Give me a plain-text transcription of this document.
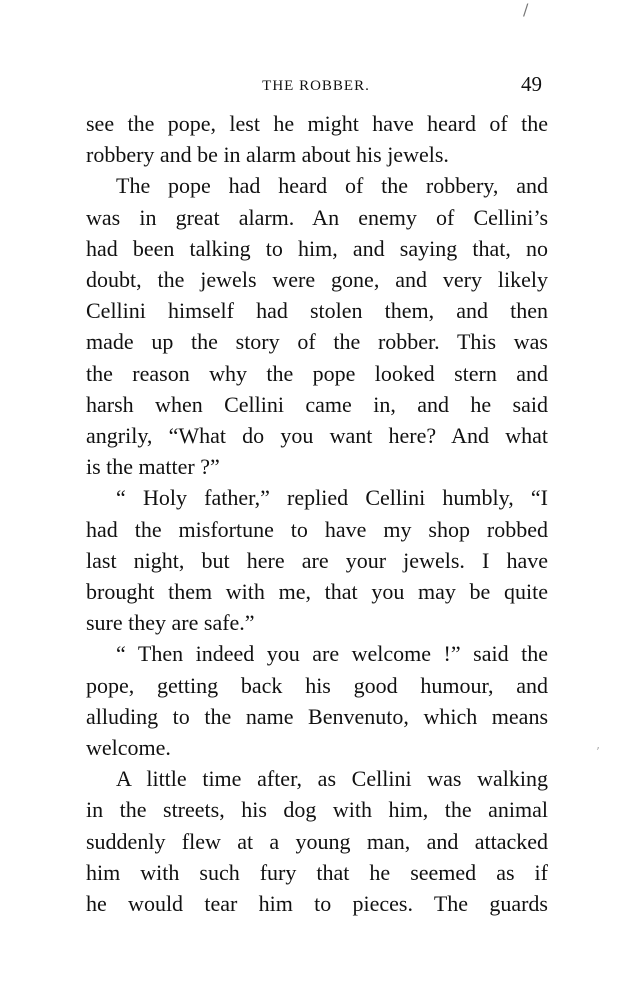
/
THE ROBBER.	49
see the pope, lest he might have heard of the
robbery and be in alarm about his jewels.
The pope had heard of the robbery, and
was in great alarm. An enemy of Cellini’s
had been talking to him, and saying that, no
doubt, the jewels were gone, and very likely
Cellini himself had stolen them, and then
made up the story of the robber. This was
the reason why the pope looked stern and
harsh when Cellini came in, and he said
angrily, “What do you want here? And what
is the matter ?”
“ Holy father,” replied Cellini humbly, “I
had the misfortune to have my shop robbed
last night, but here are your jewels. I have
brought them with me, that you may be quite
sure they are safe.”
“ Then indeed you are welcome !” said the
pope, getting back his good humour, and
alluding to the name Benvenuto, which means
welcome.
A little time after, as Cellini was walking
in the streets, his dog with him, the animal
suddenly flew at a young man, and attacked
him with such fury that he seemed as if
he would tear him to pieces. The guards
’
